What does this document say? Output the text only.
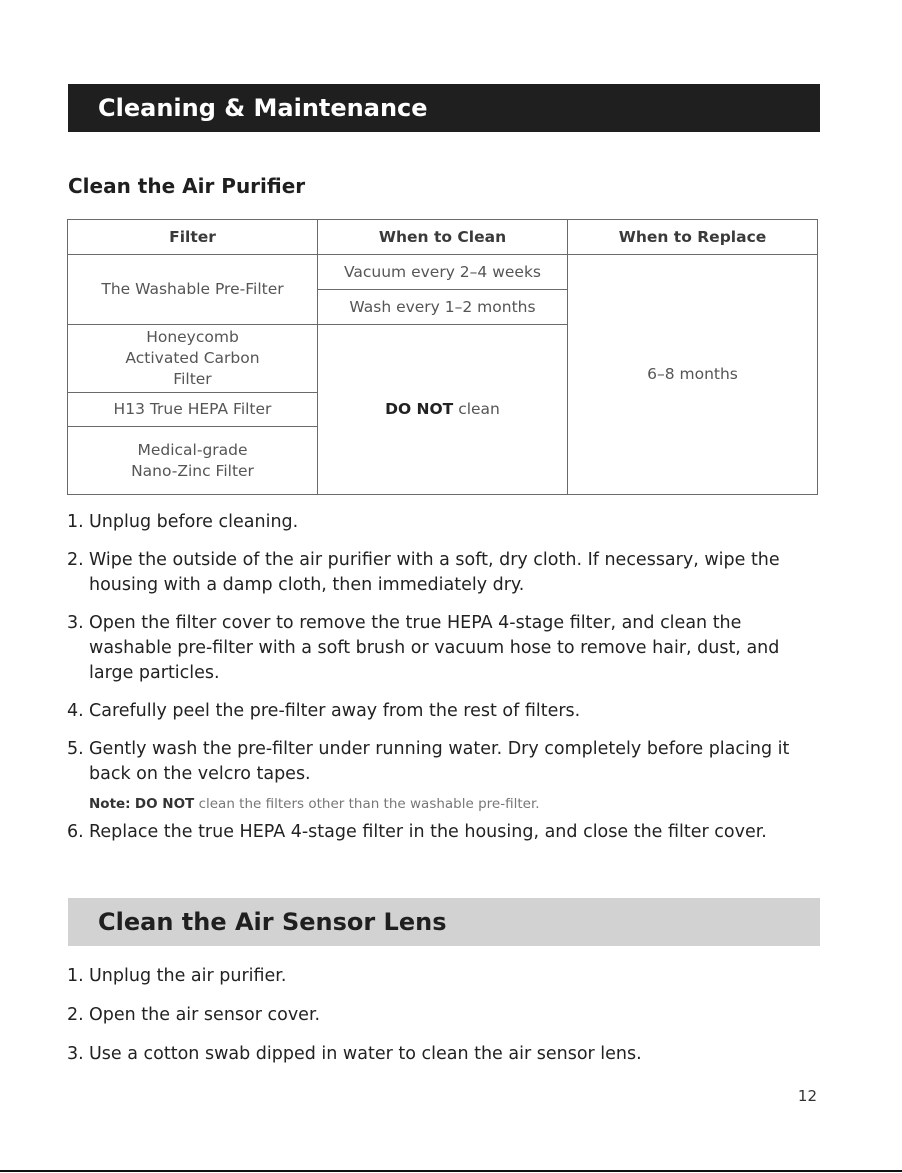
Cleaning & Maintenance
Clean the Air Purifier
Filter	When to Clean	When to Replace
The Washable Pre-Filter	Vacuum every 2–4 weeks	6–8 months
	Wash every 1–2 months	
Honeycomb Activated Carbon Filter	DO NOT clean	
H13 True HEPA Filter		
Medical-grade Nano-Zinc Filter		
1. Unplug before cleaning.
2. Wipe the outside of the air purifier with a soft, dry cloth. If necessary, wipe the housing with a damp cloth, then immediately dry.
3. Open the filter cover to remove the true HEPA 4-stage filter, and clean the washable pre-filter with a soft brush or vacuum hose to remove hair, dust, and large particles.
4. Carefully peel the pre-filter away from the rest of filters.
5. Gently wash the pre-filter under running water. Dry completely before placing it back on the velcro tapes.
Note: DO NOT clean the filters other than the washable pre-filter.
6. Replace the true HEPA 4-stage filter in the housing, and close the filter cover.
Clean the Air Sensor Lens
1. Unplug the air purifier.
2. Open the air sensor cover.
3. Use a cotton swab dipped in water to clean the air sensor lens.
12
